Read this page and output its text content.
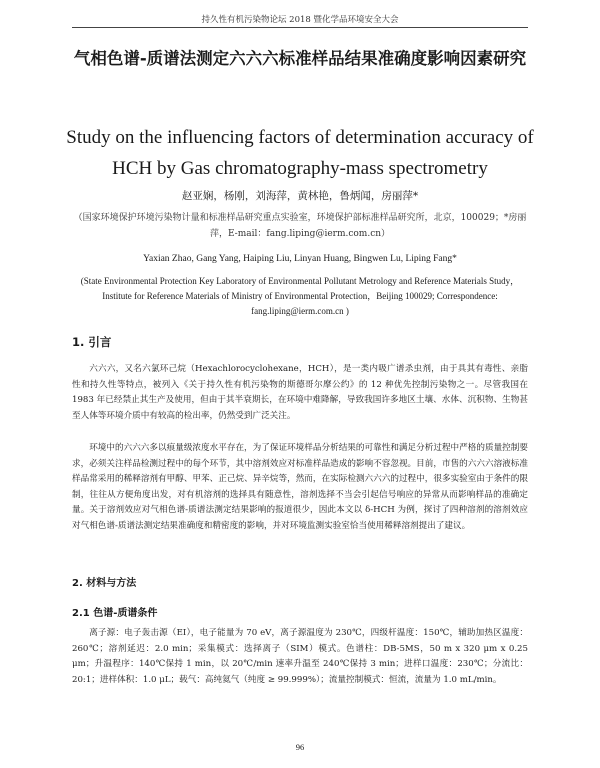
持久性有机污染物论坛 2018 暨化学品环境安全大会
气相色谱-质谱法测定六六六标准样品结果准确度影响因素研究
Study on the influencing factors of determination accuracy of HCH by Gas chromatography-mass spectrometry
赵亚娴，杨刚，刘海萍，黄林艳，鲁炳闻，房丽萍*
（国家环境保护环境污染物计量和标准样品研究重点实验室，环境保护部标准样品研究所，北京，100029；*房丽萍，E-mail：fang.liping@ierm.com.cn）
Yaxian Zhao, Gang Yang, Haiping Liu, Linyan Huang, Bingwen Lu, Liping Fang*
(State Environmental Protection Key Laboratory of Environmental Pollutant Metrology and Reference Materials Study，Institute for Reference Materials of Ministry of Environmental Protection，Beijing 100029; Correspondence: fang.liping@ierm.com.cn )
1. 引言
六六六，又名六氯环己烷（Hexachlorocyclohexane，HCH），是一类内吸广谱杀虫剂，由于具其有毒性、亲脂性和持久性等特点，被列入《关于持久性有机污染物的斯德哥尔摩公约》的 12 种优先控制污染物之一。尽管我国在 1983 年已经禁止其生产及使用，但由于其半衰期长，在环境中难降解，导致我国许多地区土壤、水体、沉积物、生物甚至人体等环境介质中有较高的检出率，仍然受到广泛关注。
环境中的六六六多以痕量级浓度水平存在，为了保证环境样品分析结果的可靠性和满足分析过程中严格的质量控制要求，必须关注样品检测过程中的每个环节，其中溶剂效应对标准样品造成的影响不容忽视。目前，市售的六六六溶液标准样品常采用的稀释溶剂有甲醇、甲苯、正己烷、异辛烷等，然而，在实际检测六六六的过程中，很多实验室由于条件的限制，往往从方便角度出发，对有机溶剂的选择具有随意性，溶剂选择不当会引起信号响应的异常从而影响样品的准确定量。关于溶剂效应对气相色谱-质谱法测定结果影响的报道很少，因此本文以 δ-HCH 为例，探讨了四种溶剂的溶剂效应对气相色谱-质谱法测定结果准确度和精密度的影响，并对环境监测实验室恰当使用稀释溶剂提出了建议。
2. 材料与方法
2.1 色谱-质谱条件
离子源：电子轰击源（EI），电子能量为 70 eV，离子源温度为 230℃，四级杆温度：150℃，辅助加热区温度：260℃；溶剂延迟：2.0 min；采集模式：选择离子（SIM）模式。色谱柱：DB-5MS，50 m x 320 μm x 0.25 μm；升温程序：140℃保持 1 min，以 20℃/min 速率升温至 240℃保持 3 min；进样口温度：230℃；分流比： 20:1；进样体积：1.0 μL；载气：高纯氦气（纯度 ≥ 99.999%）；流量控制模式：恒流，流量为 1.0 mL/min。
96
